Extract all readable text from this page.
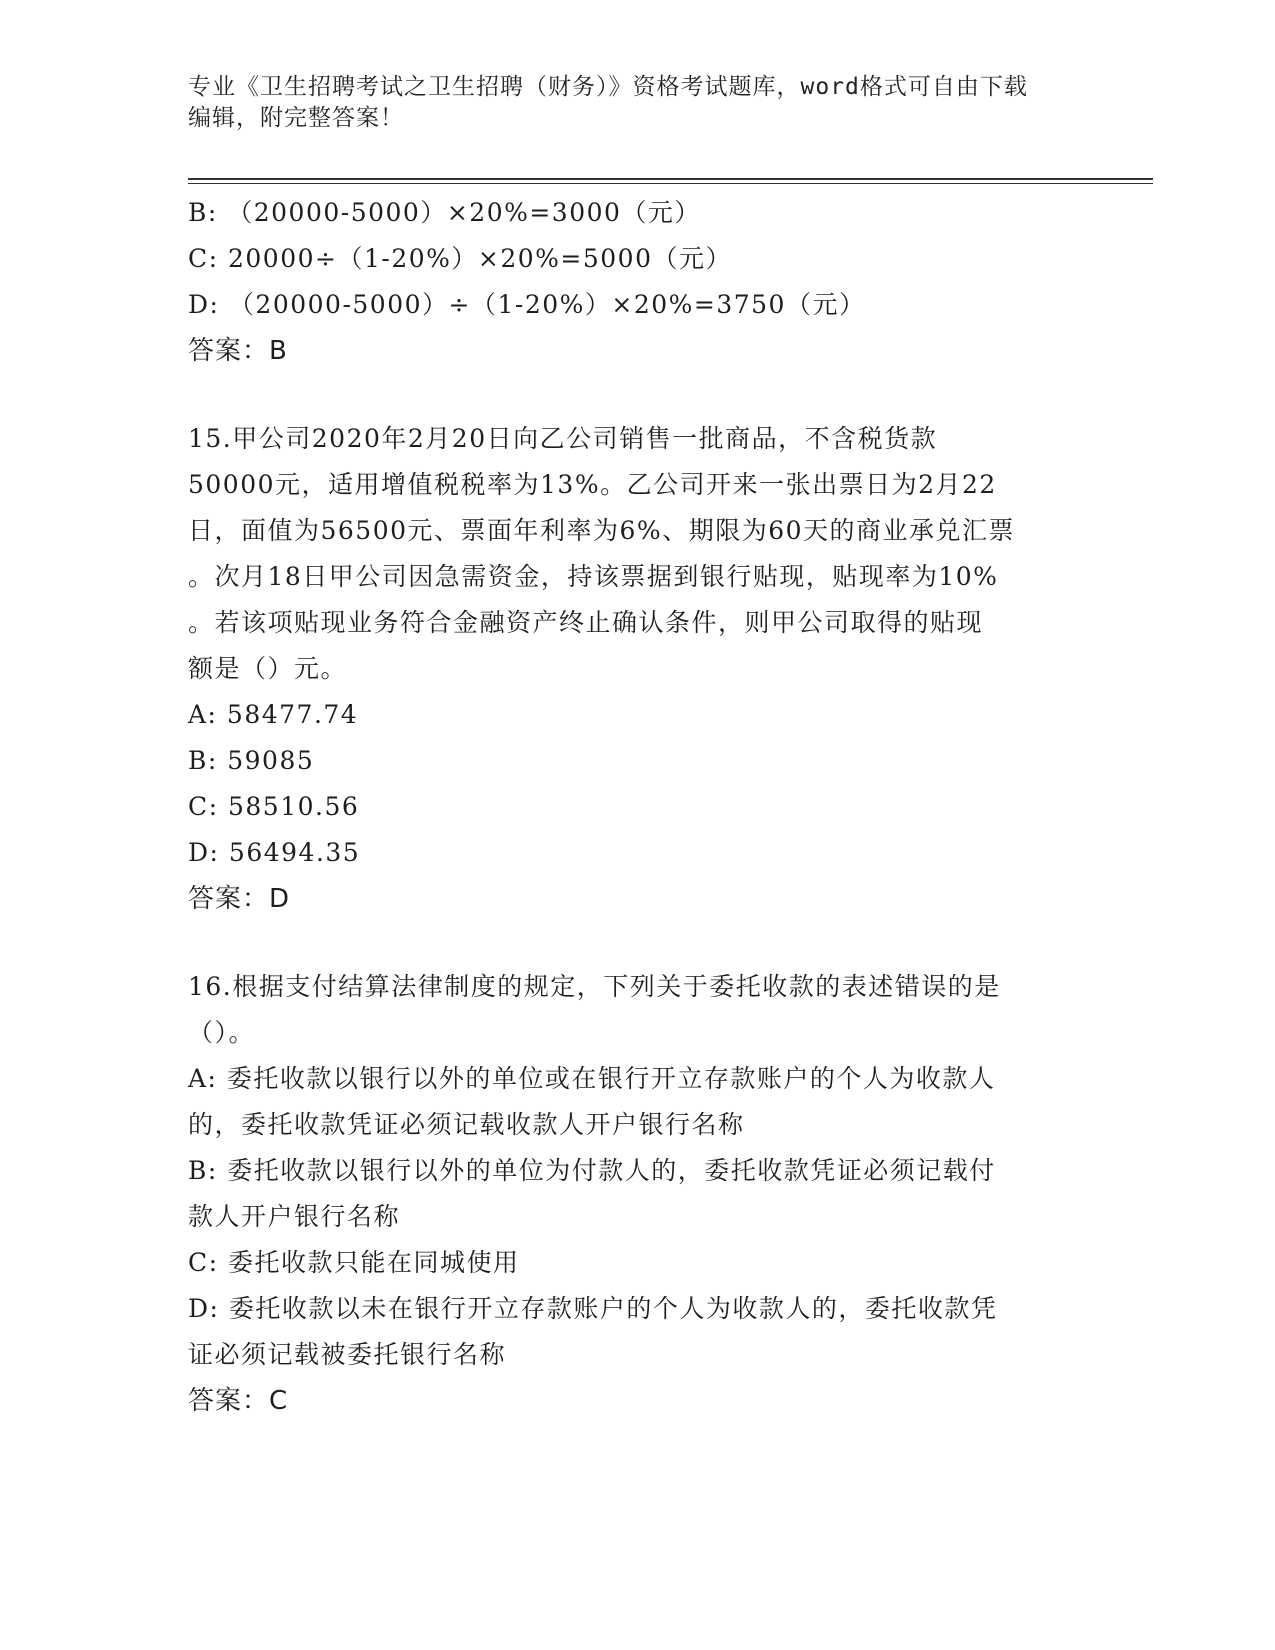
专业《卫生招聘考试之卫生招聘（财务）》资格考试题库，word格式可自由下载
编辑，附完整答案！
B: （20000-5000）×20%=3000（元）
C: 20000÷（1-20%）×20%=5000（元）
D: （20000-5000）÷（1-20%）×20%=3750（元）
答案：B
15.甲公司2020年2月20日向乙公司销售一批商品，不含税货款
50000元，适用增值税税率为13%。乙公司开来一张出票日为2月22
日，面值为56500元、票面年利率为6%、期限为60天的商业承兑汇票
。次月18日甲公司因急需资金，持该票据到银行贴现，贴现率为10%
。若该项贴现业务符合金融资产终止确认条件，则甲公司取得的贴现
额是（）元。
A: 58477.74
B: 59085
C: 58510.56
D: 56494.35
答案：D
16.根据支付结算法律制度的规定，下列关于委托收款的表述错误的是
（）。
A: 委托收款以银行以外的单位或在银行开立存款账户的个人为收款人
的，委托收款凭证必须记载收款人开户银行名称
B: 委托收款以银行以外的单位为付款人的，委托收款凭证必须记载付
款人开户银行名称
C: 委托收款只能在同城使用
D: 委托收款以未在银行开立存款账户的个人为收款人的，委托收款凭
证必须记载被委托银行名称
答案：C
